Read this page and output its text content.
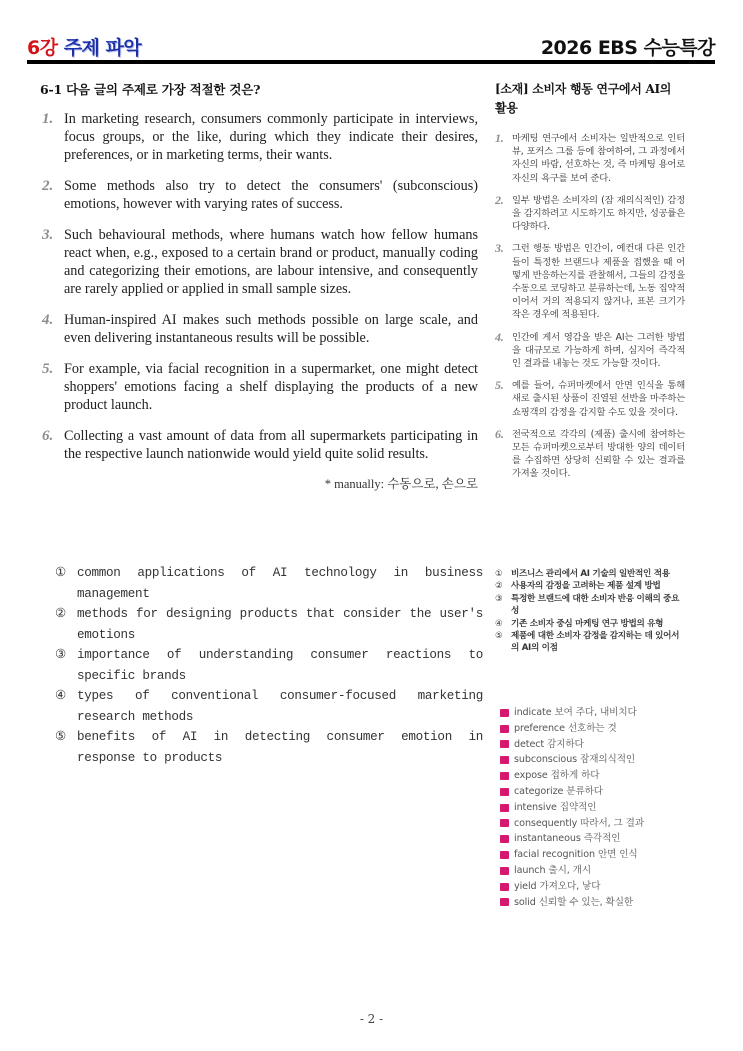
6강 주제 파악	2026 EBS 수능특강
6-1 다음 글의 주제로 가장 적절한 것은?
1. In marketing research, consumers commonly participate in interviews, focus groups, or the like, during which they indicate their desires, preferences, or in marketing terms, their wants.
2. Some methods also try to detect the consumers' (subconscious) emotions, however with varying rates of success.
3. Such behavioural methods, where humans watch how fellow humans react when, e.g., exposed to a certain brand or product, manually coding and categorizing their emotions, are labour intensive, and consequently are rarely applied or applied in small sample sizes.
4. Human-inspired AI makes such methods possible on large scale, and even delivering instantaneous results will be possible.
5. For example, via facial recognition in a supermarket, one might detect shoppers' emotions facing a shelf displaying the products of a new product launch.
6. Collecting a vast amount of data from all supermarkets participating in the respective launch nationwide would yield quite solid results.
* manually: 수동으로, 손으로
① common applications of AI technology in business management
② methods for designing products that consider the user's emotions
③ importance of understanding consumer reactions to specific brands
④ types of conventional consumer-focused marketing research methods
⑤ benefits of AI in detecting consumer emotion in response to products
[소재] 소비자 행동 연구에서 AI의 활용
1. 마케팅 연구에서 소비자는 일반적으로 인터뷰, 포커스 그룹 등에 참여하여, 그 과정에서 자신의 바람, 선호하는 것, 즉 마케팅 용어로 자신의 욕구를 보여 준다.
2. 일부 방법은 소비자의 (잠 재의식적인) 감정을 감지하려고 시도하기도 하지만, 성공률은 다양하다.
3. 그런 행동 방법은 인간이, 예컨대 다른 인간들이 특정한 브랜드나 제품을 접했을 때 어떻게 반응하는지를 관찰해서, 그들의 감정을 수동으로 코딩하고 분류하는데, 노동 집약적이어서 거의 적용되지 않거나, 표본 크기가 작은 경우에 적용된다.
4. 인간에 게서 영감을 받은 AI는 그러한 방법을 대규모로 가능하게 하며, 심지어 즉각적인 결과를 내놓는 것도 가능할 것이다.
5. 예를 들어, 슈퍼마켓에서 안면 인식을 통해 새로 출시된 상품이 진열된 선반을 마주하는 쇼핑객의 감정을 감지할 수도 있을 것이다.
6. 전국적으로 각각의 (제품) 출시에 참여하는 모든 슈퍼마켓으로부터 방대한 양의 데이터를 수집하면 상당히 신뢰할 수 있는 결과를 가져올 것이다.
① 비즈니스 관리에서 AI 기술의 일반적인 적용
② 사용자의 감정을 고려하는 제품 설계 방법
③ 특정한 브랜드에 대한 소비자 반응 이해의 중요성
④ 기존 소비자 중심 마케팅 연구 방법의 유형
⑤ 제품에 대한 소비자 감정을 감지하는 데 있어서의 AI의 이점
indicate
보여 주다, 내비치다
preference
선호하는 것
detect
감지하다
subconscious
잠재의식적인
expose
접하게 하다
categorize
분류하다
intensive
집약적인
consequently
따라서, 그 결과
instantaneous
즉각적인
facial recognition
안면 인식
launch
출시, 개시
yield
가져오다, 낳다
solid
신뢰할 수 있는, 확실한
- 2 -
